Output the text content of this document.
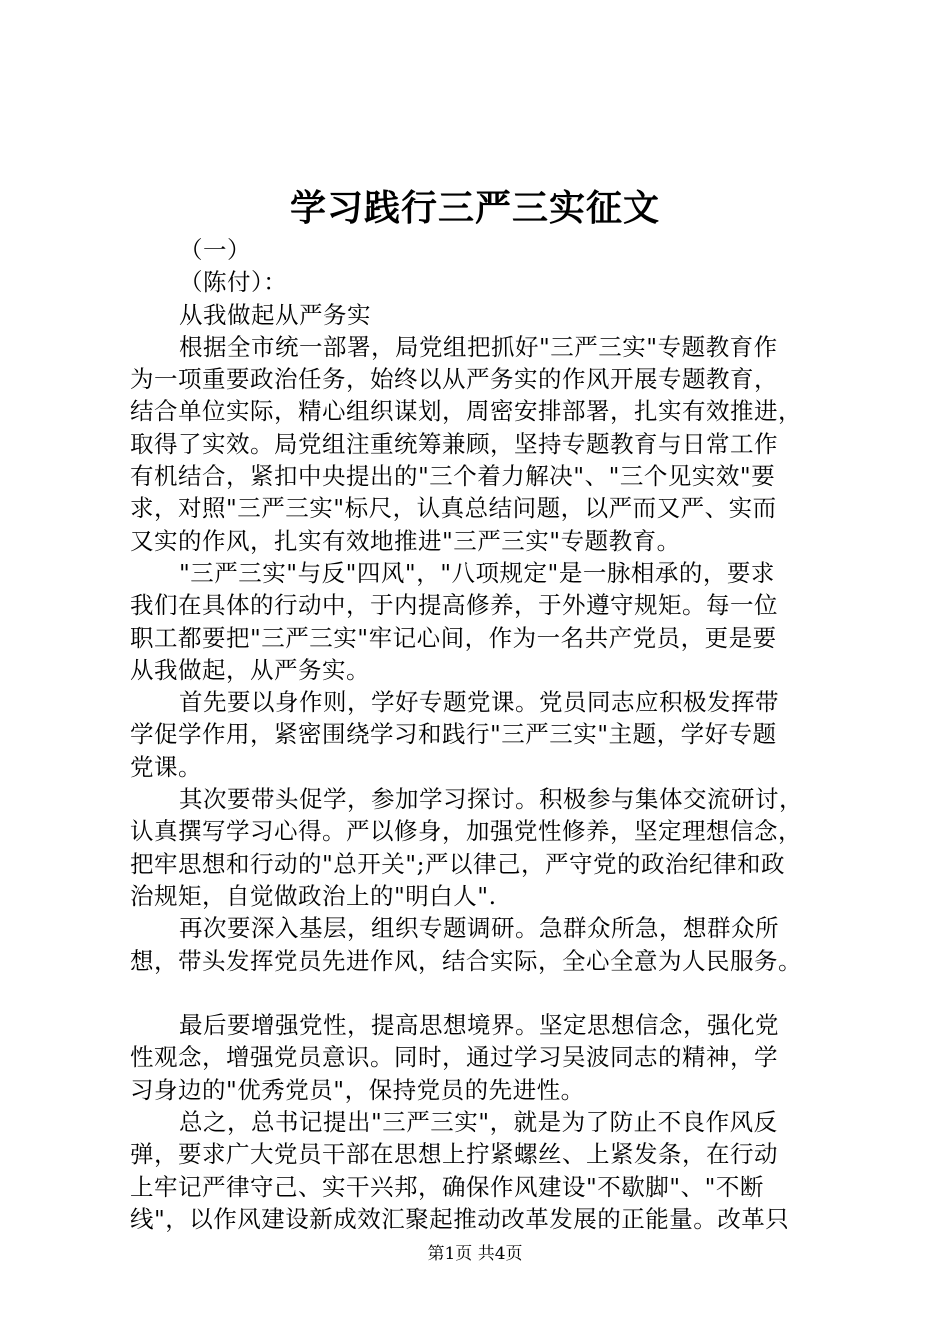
学习践行三严三实征文
（一）
（陈付）：
从我做起从严务实
根据全市统一部署，局党组把抓好"三严三实"专题教育作
为一项重要政治任务，始终以从严务实的作风开展专题教育，
结合单位实际，精心组织谋划，周密安排部署，扎实有效推进，
取得了实效。局党组注重统筹兼顾，坚持专题教育与日常工作
有机结合，紧扣中央提出的"三个着力解决"、"三个见实效"要
求，对照"三严三实"标尺，认真总结问题，以严而又严、实而
又实的作风，扎实有效地推进"三严三实"专题教育。
"三严三实"与反"四风"，"八项规定"是一脉相承的，要求
我们在具体的行动中，于内提高修养，于外遵守规矩。每一位
职工都要把"三严三实"牢记心间，作为一名共产党员，更是要
从我做起，从严务实。
首先要以身作则，学好专题党课。党员同志应积极发挥带
学促学作用，紧密围绕学习和践行"三严三实"主题，学好专题
党课。
其次要带头促学，参加学习探讨。积极参与集体交流研讨，
认真撰写学习心得。严以修身，加强党性修养，坚定理想信念，
把牢思想和行动的"总开关";严以律己，严守党的政治纪律和政
治规矩，自觉做政治上的"明白人".
再次要深入基层，组织专题调研。急群众所急，想群众所
想，带头发挥党员先进作风，结合实际，全心全意为人民服务。
最后要增强党性，提高思想境界。坚定思想信念，强化党
性观念，增强党员意识。同时，通过学习吴波同志的精神，学
习身边的"优秀党员"，保持党员的先进性。
总之，总书记提出"三严三实"，就是为了防止不良作风反
弹，要求广大党员干部在思想上拧紧螺丝、上紧发条，在行动
上牢记严律守己、实干兴邦，确保作风建设"不歇脚"、"不断
线"，以作风建设新成效汇聚起推动改革发展的正能量。改革只
第1页 共4页
